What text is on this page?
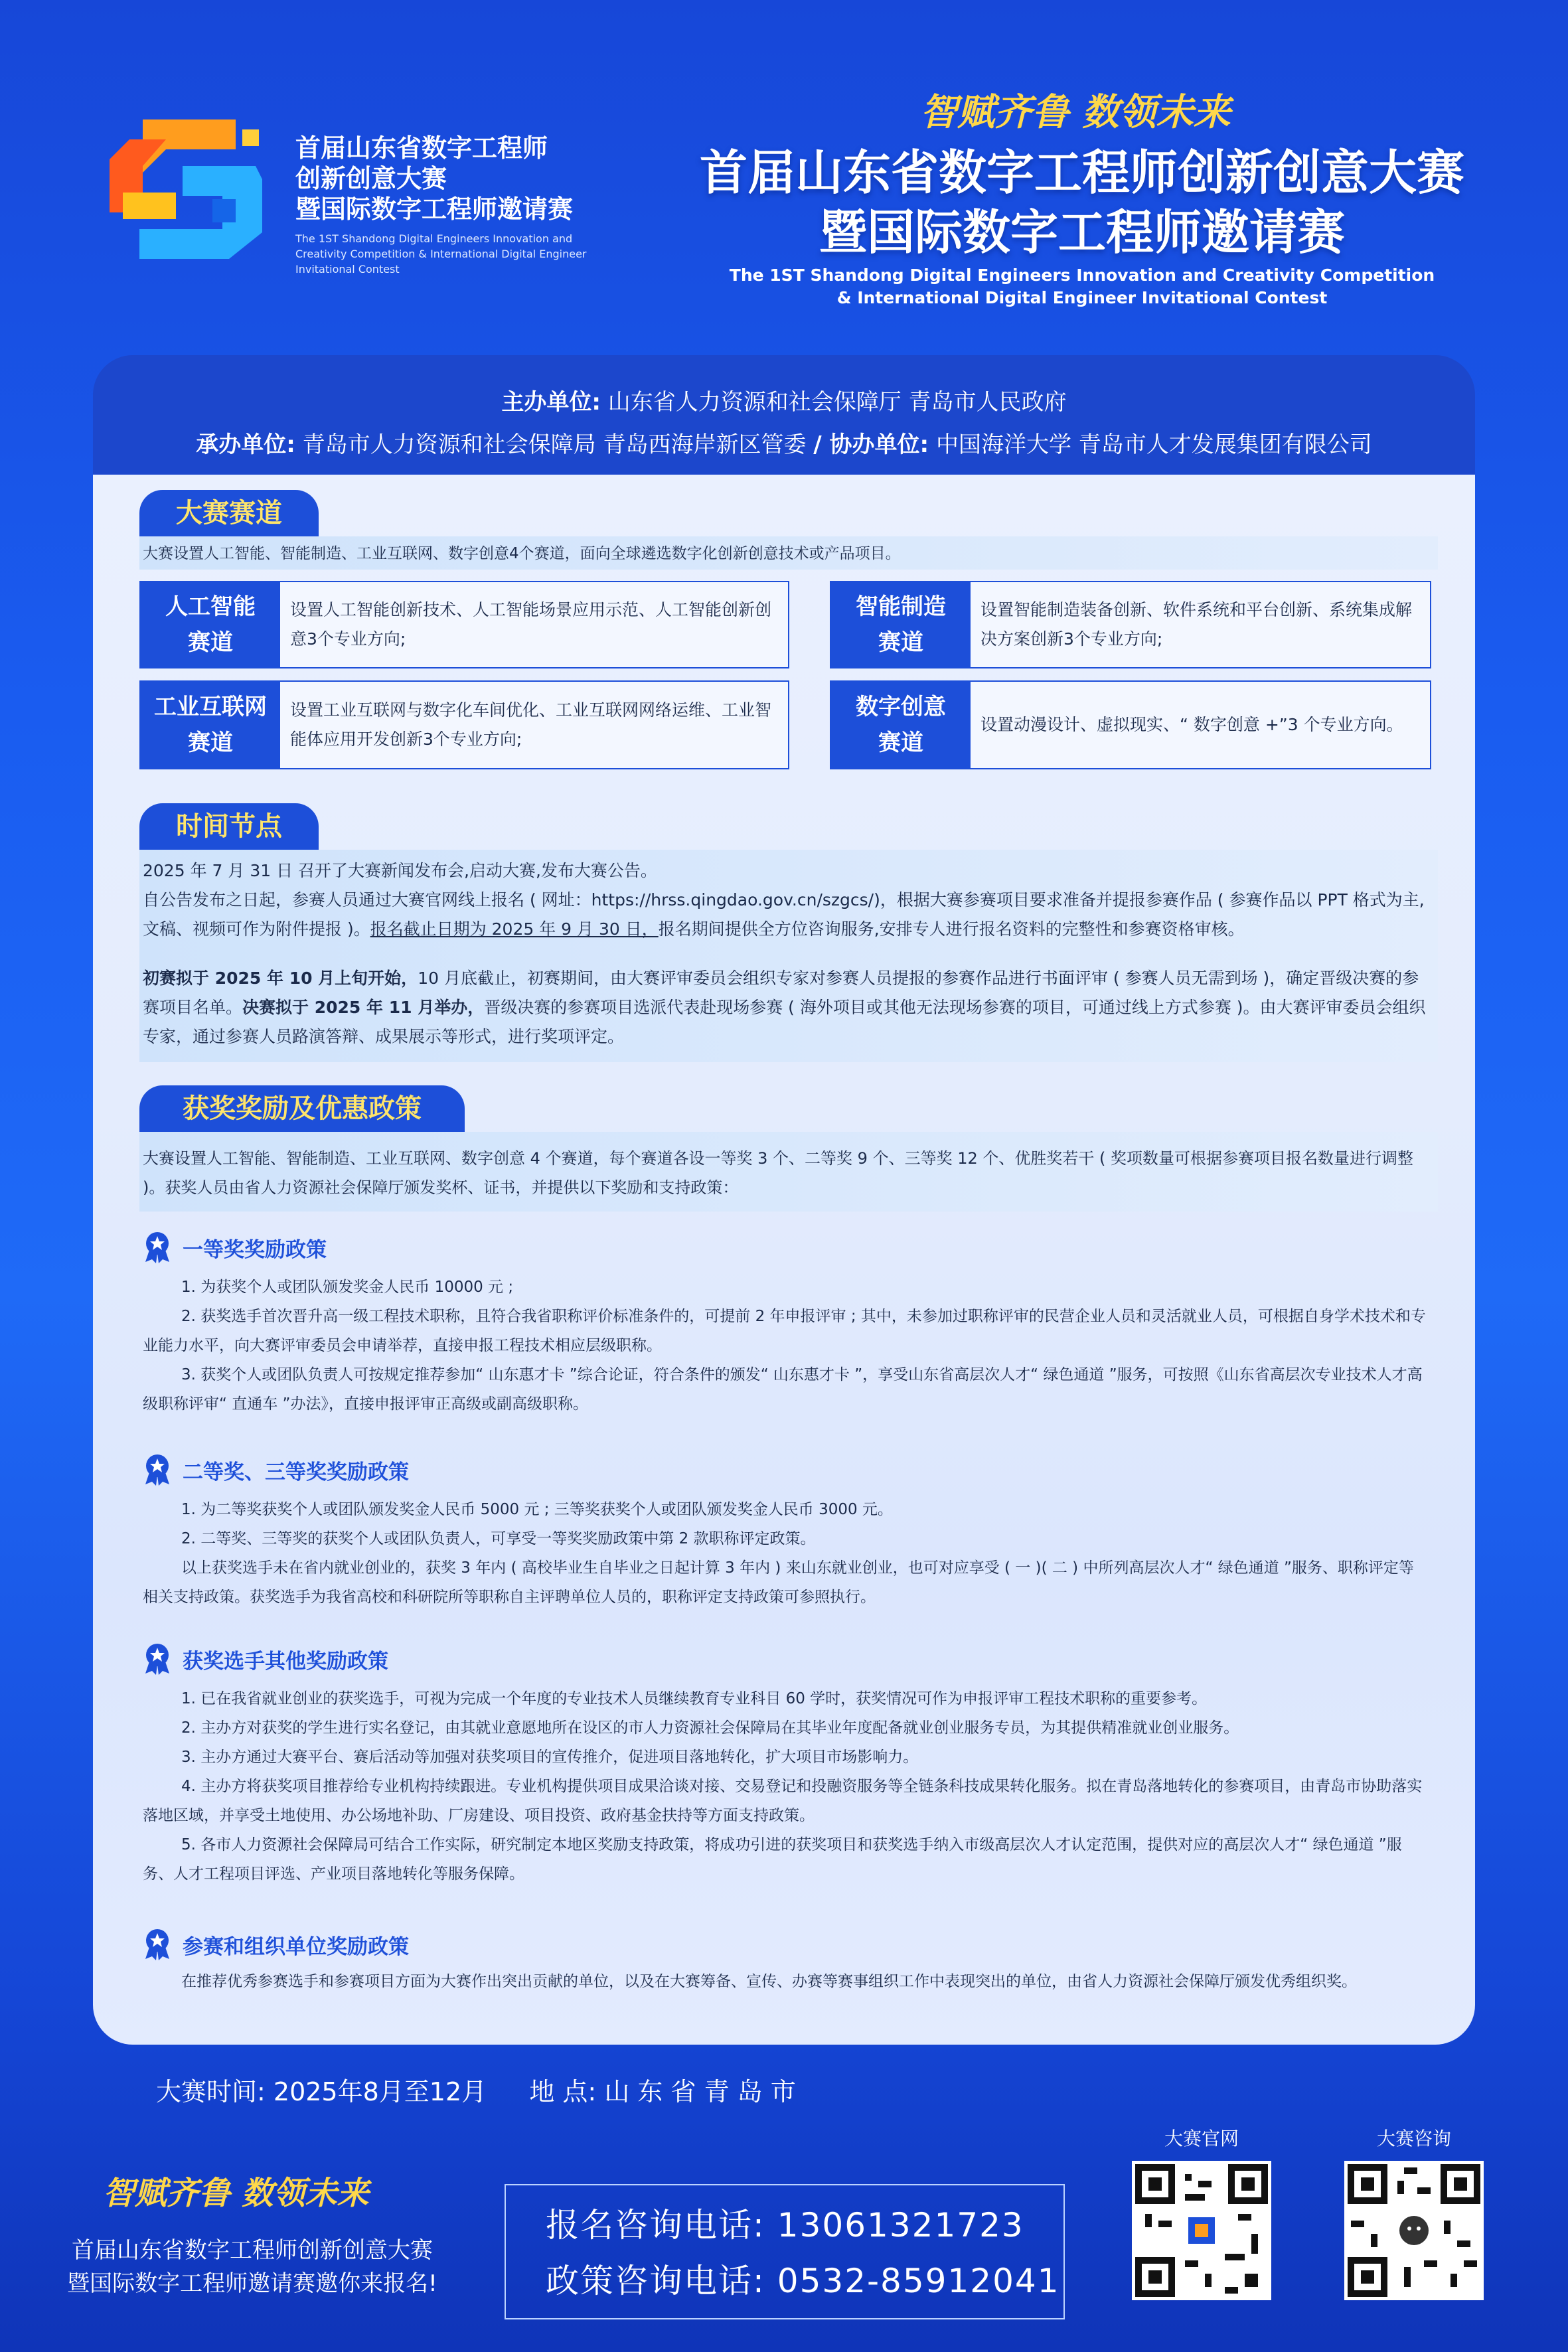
首届山东省数字工程师
创新创意大赛
暨国际数字工程师邀请赛
The 1ST Shandong Digital Engineers Innovation and
Creativity Competition & International Digital Engineer
Invitational Contest
智赋齐鲁 数领未来
首届山东省数字工程师创新创意大赛
暨国际数字工程师邀请赛
The 1ST Shandong Digital Engineers Innovation and Creativity Competition
& International Digital Engineer Invitational Contest
主办单位: 山东省人力资源和社会保障厅 青岛市人民政府
承办单位: 青岛市人力资源和社会保障局 青岛西海岸新区管委 / 协办单位: 中国海洋大学 青岛市人才发展集团有限公司
大赛赛道
大赛设置人工智能、智能制造、工业互联网、数字创意4个赛道，面向全球遴选数字化创新创意技术或产品项目。
人工智能
赛道
设置人工智能创新技术、人工智能场景应用示范、人工智能创新创意3个专业方向;
智能制造
赛道
设置智能制造装备创新、软件系统和平台创新、系统集成解决方案创新3个专业方向;
工业互联网
赛道
设置工业互联网与数字化车间优化、工业互联网网络运维、工业智能体应用开发创新3个专业方向;
数字创意
赛道
设置动漫设计、虚拟现实、“ 数字创意 +”3 个专业方向。
时间节点
2025 年 7 月 31 日 召开了大赛新闻发布会,启动大赛,发布大赛公告。
自公告发布之日起，参赛人员通过大赛官网线上报名 ( 网址：https://hrss.qingdao.gov.cn/szgcs/)，根据大赛参赛项目要求准备并提报参赛作品 ( 参赛作品以 PPT 格式为主,文稿、视频可作为附件提报 )。报名截止日期为 2025 年 9 月 30 日，报名期间提供全方位咨询服务,安排专人进行报名资料的完整性和参赛资格审核。
初赛拟于 2025 年 10 月上旬开始，10 月底截止，初赛期间，由大赛评审委员会组织专家对参赛人员提报的参赛作品进行书面评审 ( 参赛人员无需到场 )，确定晋级决赛的参赛项目名单。决赛拟于 2025 年 11 月举办，晋级决赛的参赛项目选派代表赴现场参赛 ( 海外项目或其他无法现场参赛的项目，可通过线上方式参赛 )。由大赛评审委员会组织专家，通过参赛人员路演答辩、成果展示等形式，进行奖项评定。
获奖奖励及优惠政策
大赛设置人工智能、智能制造、工业互联网、数字创意 4 个赛道，每个赛道各设一等奖 3 个、二等奖 9 个、三等奖 12 个、优胜奖若干 ( 奖项数量可根据参赛项目报名数量进行调整 )。获奖人员由省人力资源社会保障厅颁发奖杯、证书，并提供以下奖励和支持政策：
一等奖奖励政策
1. 为获奖个人或团队颁发奖金人民币 10000 元 ;
2. 获奖选手首次晋升高一级工程技术职称，且符合我省职称评价标准条件的，可提前 2 年申报评审 ; 其中，未参加过职称评审的民营企业人员和灵活就业人员，可根据自身学术技术和专业能力水平，向大赛评审委员会申请举荐，直接申报工程技术相应层级职称。
3. 获奖个人或团队负责人可按规定推荐参加“ 山东惠才卡 ”综合论证，符合条件的颁发“ 山东惠才卡 ”，享受山东省高层次人才“ 绿色通道 ”服务，可按照《山东省高层次专业技术人才高级职称评审“ 直通车 ”办法》，直接申报评审正高级或副高级职称。
二等奖、三等奖奖励政策
1. 为二等奖获奖个人或团队颁发奖金人民币 5000 元 ; 三等奖获奖个人或团队颁发奖金人民币 3000 元。
2. 二等奖、三等奖的获奖个人或团队负责人，可享受一等奖奖励政策中第 2 款职称评定政策。
以上获奖选手未在省内就业创业的，获奖 3 年内 ( 高校毕业生自毕业之日起计算 3 年内 ) 来山东就业创业，也可对应享受 ( 一 )( 二 ) 中所列高层次人才“ 绿色通道 ”服务、职称评定等相关支持政策。获奖选手为我省高校和科研院所等职称自主评聘单位人员的，职称评定支持政策可参照执行。
获奖选手其他奖励政策
1. 已在我省就业创业的获奖选手，可视为完成一个年度的专业技术人员继续教育专业科目 60 学时，获奖情况可作为申报评审工程技术职称的重要参考。
2. 主办方对获奖的学生进行实名登记，由其就业意愿地所在设区的市人力资源社会保障局在其毕业年度配备就业创业服务专员，为其提供精准就业创业服务。
3. 主办方通过大赛平台、赛后活动等加强对获奖项目的宣传推介，促进项目落地转化，扩大项目市场影响力。
4. 主办方将获奖项目推荐给专业机构持续跟进。专业机构提供项目成果洽谈对接、交易登记和投融资服务等全链条科技成果转化服务。拟在青岛落地转化的参赛项目，由青岛市协助落实落地区域，并享受土地使用、办公场地补助、厂房建设、项目投资、政府基金扶持等方面支持政策。
5. 各市人力资源社会保障局可结合工作实际，研究制定本地区奖励支持政策，将成功引进的获奖项目和获奖选手纳入市级高层次人才认定范围，提供对应的高层次人才“ 绿色通道 ”服务、人才工程项目评选、产业项目落地转化等服务保障。
参赛和组织单位奖励政策
在推荐优秀参赛选手和参赛项目方面为大赛作出突出贡献的单位，以及在大赛筹备、宣传、办赛等赛事组织工作中表现突出的单位，由省人力资源社会保障厅颁发优秀组织奖。
大赛时间: 2025年8月至12月 地 点: 山 东 省 青 岛 市
智赋齐鲁 数领未来
首届山东省数字工程师创新创意大赛
暨国际数字工程师邀请赛邀你来报名!
报名咨询电话: 13061321723
政策咨询电话: 0532-85912041
大赛官网	大赛咨询
